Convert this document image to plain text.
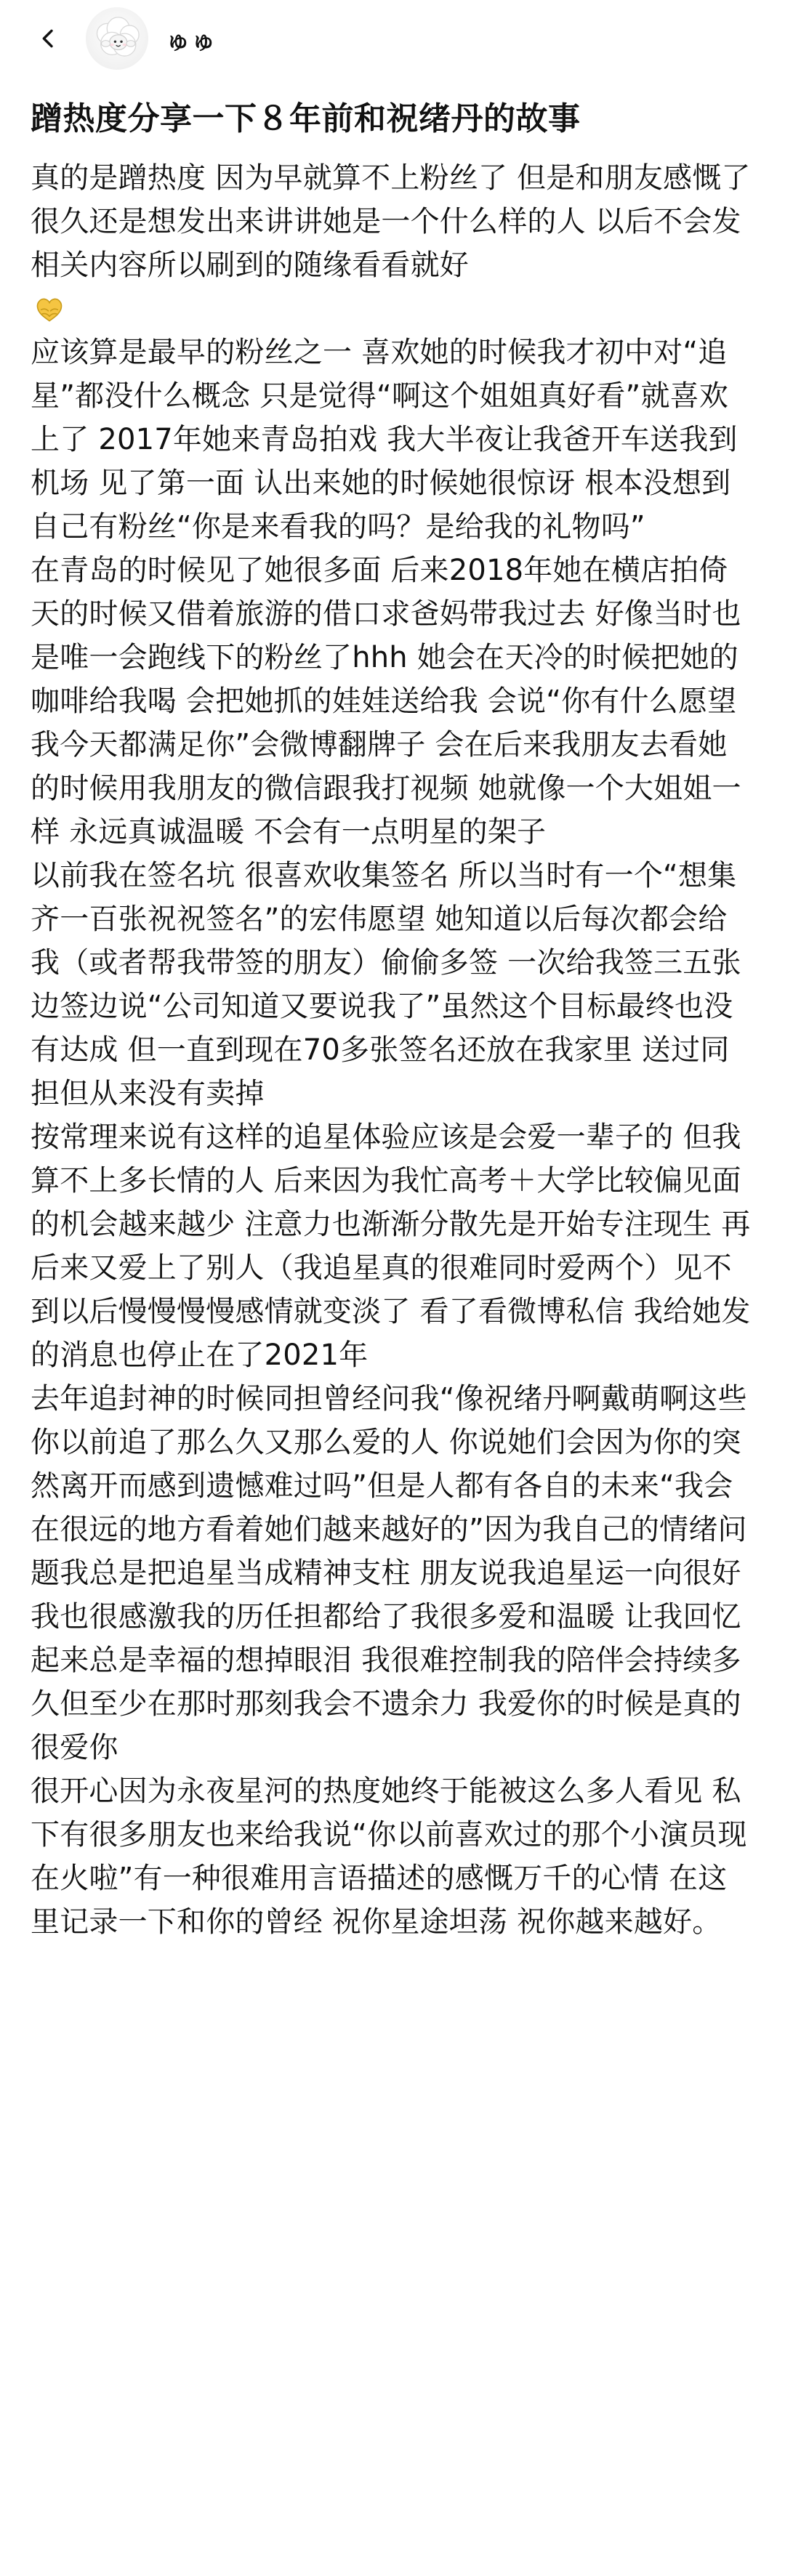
ゅゅ
蹭热度分享一下８年前和祝绪丹的故事
真的是蹭热度 因为早就算不上粉丝了 但是和朋友感慨了很久还是想发出来讲讲她是一个什么样的人 以后不会发相关内容所以刷到的随缘看看就好
应该算是最早的粉丝之一 喜欢她的时候我才初中对“追星”都没什么概念 只是觉得“啊这个姐姐真好看”就喜欢上了 2017年她来青岛拍戏 我大半夜让我爸开车送我到机场 见了第一面 认出来她的时候她很惊讶 根本没想到自己有粉丝“你是来看我的吗？是给我的礼物吗”
在青岛的时候见了她很多面 后来2018年她在横店拍倚天的时候又借着旅游的借口求爸妈带我过去 好像当时也是唯一会跑线下的粉丝了hhh 她会在天冷的时候把她的咖啡给我喝 会把她抓的娃娃送给我 会说“你有什么愿望我今天都满足你”会微博翻牌子 会在后来我朋友去看她的时候用我朋友的微信跟我打视频 她就像一个大姐姐一样 永远真诚温暖 不会有一点明星的架子
以前我在签名坑 很喜欢收集签名 所以当时有一个“想集齐一百张祝祝签名”的宏伟愿望 她知道以后每次都会给我（或者帮我带签的朋友）偷偷多签 一次给我签三五张 边签边说“公司知道又要说我了”虽然这个目标最终也没有达成 但一直到现在70多张签名还放在我家里 送过同担但从来没有卖掉
按常理来说有这样的追星体验应该是会爱一辈子的 但我算不上多长情的人 后来因为我忙高考＋大学比较偏见面的机会越来越少 注意力也渐渐分散先是开始专注现生 再后来又爱上了别人（我追星真的很难同时爱两个）见不到以后慢慢慢慢感情就变淡了 看了看微博私信 我给她发的消息也停止在了2021年
去年追封神的时候同担曾经问我“像祝绪丹啊戴萌啊这些你以前追了那么久又那么爱的人 你说她们会因为你的突然离开而感到遗憾难过吗”但是人都有各自的未来“我会在很远的地方看着她们越来越好的”因为我自己的情绪问题我总是把追星当成精神支柱 朋友说我追星运一向很好 我也很感激我的历任担都给了我很多爱和温暖 让我回忆起来总是幸福的想掉眼泪 我很难控制我的陪伴会持续多久但至少在那时那刻我会不遗余力 我爱你的时候是真的很爱你
很开心因为永夜星河的热度她终于能被这么多人看见 私下有很多朋友也来给我说“你以前喜欢过的那个小演员现在火啦”有一种很难用言语描述的感慨万千的心情 在这里记录一下和你的曾经 祝你星途坦荡 祝你越来越好。
